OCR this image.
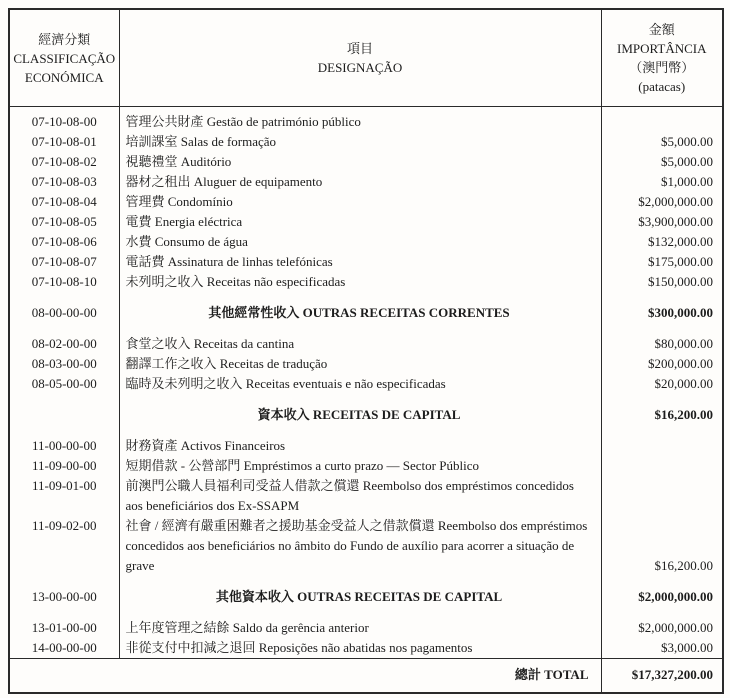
經濟分類
CLASSIFICAÇÃO
ECONÓMICA	項目
DESIGNAÇÃO	金額
IMPORTÂNCIA
（澳門幣）
(patacas)

07-10-08-00	管理公共財產 Gestão de património público	
07-10-08-01	培訓課室 Salas de formação	$5,000.00
07-10-08-02	視聽禮堂 Auditório	$5,000.00
07-10-08-03	器材之租出 Aluguer de equipamento	$1,000.00
07-10-08-04	管理費 Condomínio	$2,000,000.00
07-10-08-05	電費 Energia eléctrica	$3,900,000.00
07-10-08-06	水費 Consumo de água	$132,000.00
07-10-08-07	電話費 Assinatura de linhas telefónicas	$175,000.00
07-10-08-10	未列明之收入 Receitas não especificadas	$150,000.00
08-00-00-00	其他經常性收入 OUTRAS RECEITAS CORRENTES	$300,000.00
08-02-00-00	食堂之收入 Receitas da cantina	$80,000.00
08-03-00-00	翻譯工作之收入 Receitas de tradução	$200,000.00
08-05-00-00	臨時及未列明之收入 Receitas eventuais e não especificadas	$20,000.00
	資本收入 RECEITAS DE CAPITAL	$16,200.00
11-00-00-00	財務資產 Activos Financeiros	
11-09-00-00	短期借款 - 公營部門 Empréstimos a curto prazo — Sector Público	
11-09-01-00	前澳門公職人員福利司受益人借款之償還 Reembolso dos empréstimos concedidos aos beneficiários dos Ex-SSAPM	
11-09-02-00	社會 / 經濟有嚴重困難者之援助基金受益人之借款償還 Reembolso dos empréstimos concedidos aos beneficiários no âmbito do Fundo de auxílio para acorrer a situação de grave	$16,200.00
13-00-00-00	其他資本收入 OUTRAS RECEITAS DE CAPITAL	$2,000,000.00
13-01-00-00	上年度管理之結餘 Saldo da gerência anterior	$2,000,000.00
14-00-00-00	非從支付中扣減之退回 Reposições não abatidas nos pagamentos	$3,000.00
總計 TOTAL		$17,327,200.00
